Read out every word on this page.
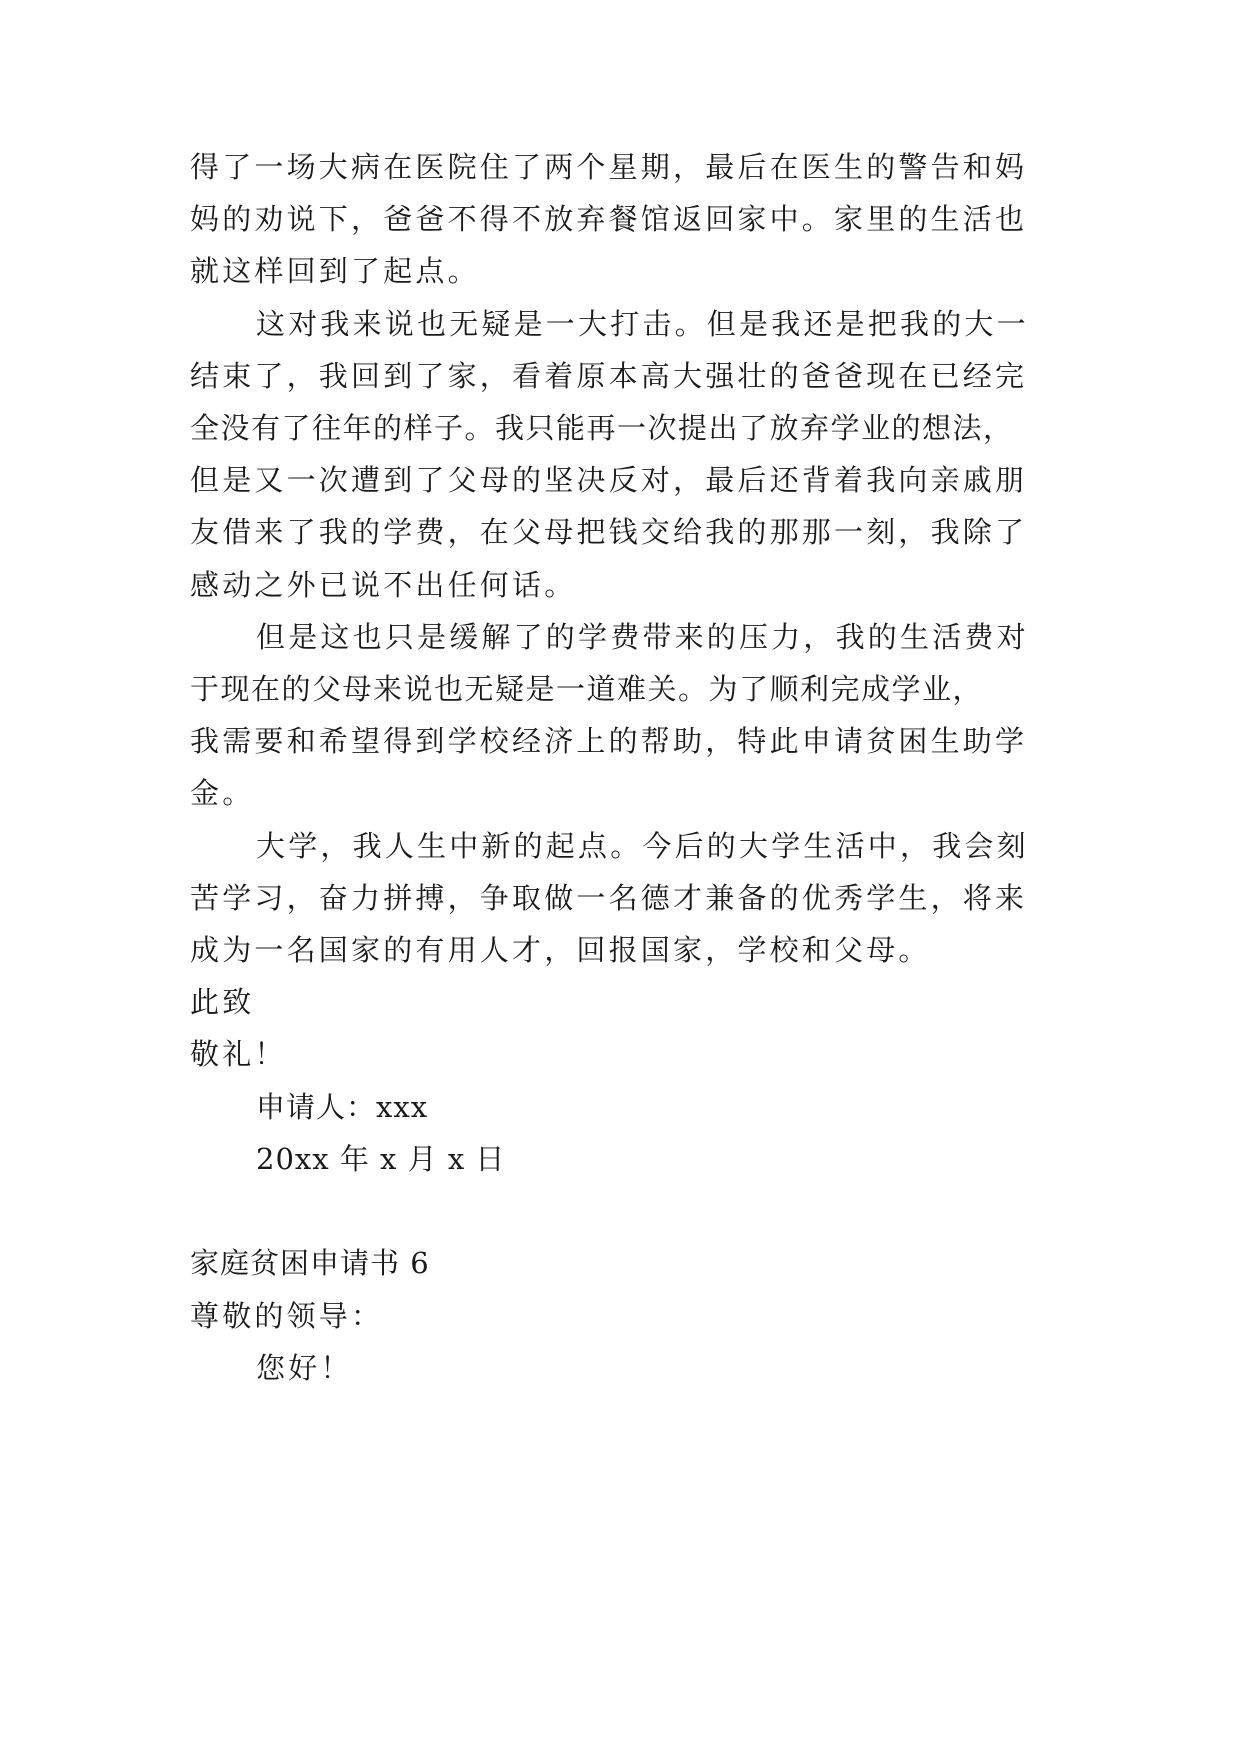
得了一场大病在医院住了两个星期，最后在医生的警告和妈
妈的劝说下，爸爸不得不放弃餐馆返回家中。家里的生活也
就这样回到了起点。
这对我来说也无疑是一大打击。但是我还是把我的大一
结束了，我回到了家，看着原本高大强壮的爸爸现在已经完
全没有了往年的样子。我只能再一次提出了放弃学业的想法，
但是又一次遭到了父母的坚决反对，最后还背着我向亲戚朋
友借来了我的学费，在父母把钱交给我的那那一刻，我除了
感动之外已说不出任何话。
但是这也只是缓解了的学费带来的压力，我的生活费对
于现在的父母来说也无疑是一道难关。为了顺利完成学业，
我需要和希望得到学校经济上的帮助，特此申请贫困生助学
金。
大学，我人生中新的起点。今后的大学生活中，我会刻
苦学习，奋力拼搏，争取做一名德才兼备的优秀学生，将来
成为一名国家的有用人才，回报国家，学校和父母。
此致
敬礼！
申请人：xxx
20xx 年 x 月 x 日
家庭贫困申请书 6
尊敬的领导：
您好！
